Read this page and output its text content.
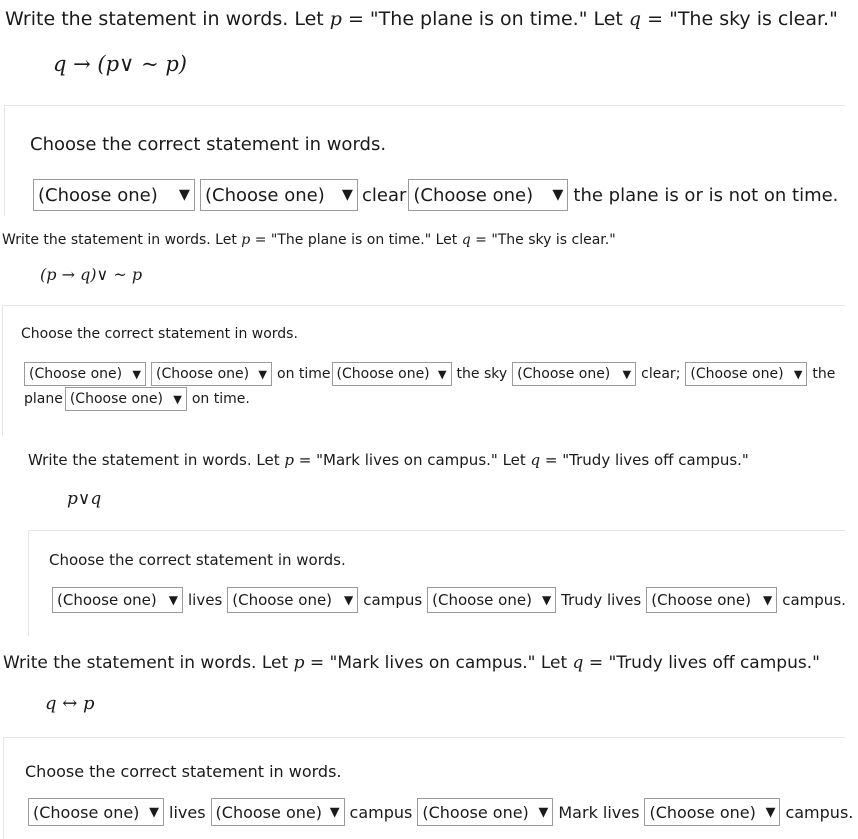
Write the statement in words. Let p = "The plane is on time." Let q = "The sky is clear."
q → (p∨ ~ p)
Choose the correct statement in words.
(Choose one) ▼ (Choose one) ▼ clear (Choose one) ▼ the plane is or is not on time.
Write the statement in words. Let p = "The plane is on time." Let q = "The sky is clear."
(p → q)∨ ~ p
Choose the correct statement in words.
(Choose one) ▼ (Choose one) ▼ on time (Choose one) ▼ the sky (Choose one) ▼ clear; (Choose one) ▼ the
plane (Choose one) ▼ on time.
Write the statement in words. Let p = "Mark lives on campus." Let q = "Trudy lives off campus."
p∨q
Choose the correct statement in words.
(Choose one) ▼ lives (Choose one) ▼ campus (Choose one) ▼ Trudy lives (Choose one) ▼ campus.
Write the statement in words. Let p = "Mark lives on campus." Let q = "Trudy lives off campus."
q ↔ p
Choose the correct statement in words.
(Choose one) ▼ lives (Choose one) ▼ campus (Choose one) ▼ Mark lives (Choose one) ▼ campus.
